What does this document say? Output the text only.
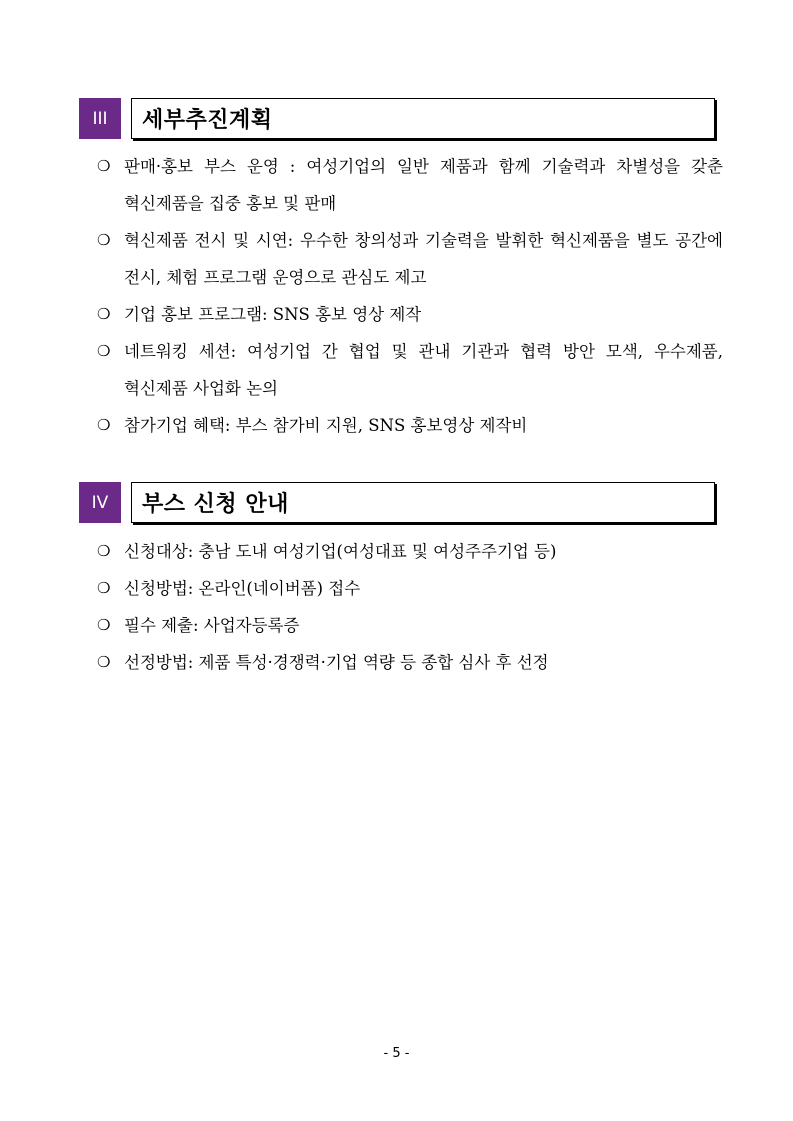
III	세부추진계획
❍ 판매·홍보 부스 운영 : 여성기업의 일반 제품과 함께 기술력과 차별성을 갖춘 혁신제품을 집중 홍보 및 판매
❍ 혁신제품 전시 및 시연: 우수한 창의성과 기술력을 발휘한 혁신제품을 별도 공간에 전시, 체험 프로그램 운영으로 관심도 제고
❍ 기업 홍보 프로그램: SNS 홍보 영상 제작
❍ 네트워킹 세션: 여성기업 간 협업 및 관내 기관과 협력 방안 모색, 우수제품, 혁신제품 사업화 논의
❍ 참가기업 혜택: 부스 참가비 지원, SNS 홍보영상 제작비
IV	부스 신청 안내
❍ 신청대상: 충남 도내 여성기업(여성대표 및 여성주주기업 등)
❍ 신청방법: 온라인(네이버폼) 접수
❍ 필수 제출: 사업자등록증
❍ 선정방법: 제품 특성·경쟁력·기업 역량 등 종합 심사 후 선정
- 5 -
